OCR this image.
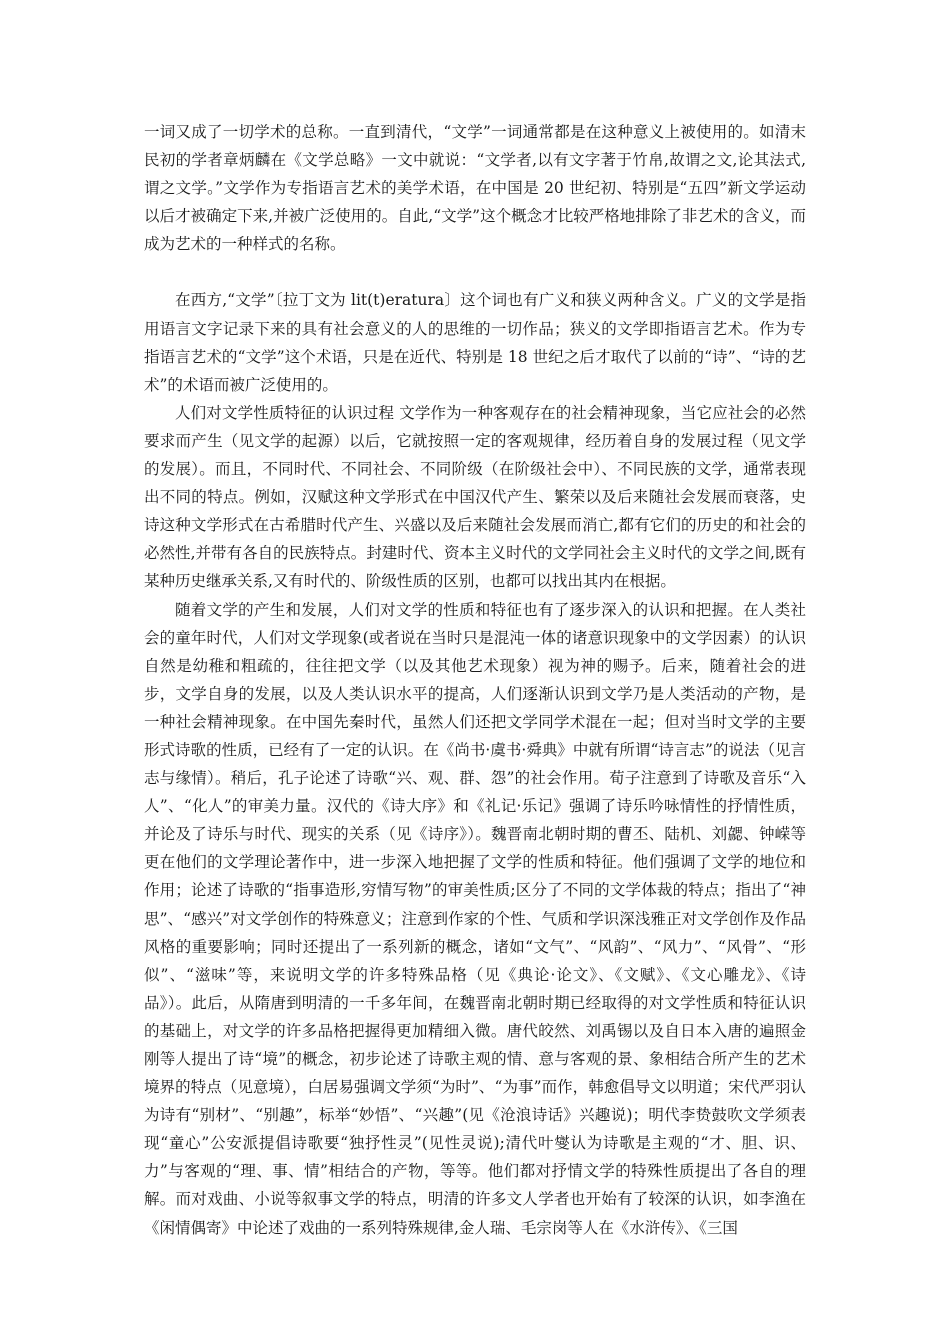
一词又成了一切学术的总称。一直到清代，“文学”一词通常都是在这种意义上被使用的。如清末民初的学者章炳麟在《文学总略》一文中就说：“文学者,以有文字著于竹帛,故谓之文,论其法式,谓之文学。”文学作为专指语言艺术的美学术语，在中国是 20 世纪初、特别是“五四”新文学运动以后才被确定下来,并被广泛使用的。自此,“文学”这个概念才比较严格地排除了非艺术的含义，而成为艺术的一种样式的名称。

在西方,“文学”〔拉丁文为 lit(t)eratura〕这个词也有广义和狭义两种含义。广义的文学是指用语言文字记录下来的具有社会意义的人的思维的一切作品；狭义的文学即指语言艺术。作为专指语言艺术的“文学”这个术语，只是在近代、特别是 18 世纪之后才取代了以前的“诗”、“诗的艺术”的术语而被广泛使用的。

人们对文学性质特征的认识过程 文学作为一种客观存在的社会精神现象，当它应社会的必然要求而产生（见文学的起源）以后，它就按照一定的客观规律，经历着自身的发展过程（见文学的发展）。而且，不同时代、不同社会、不同阶级（在阶级社会中）、不同民族的文学，通常表现出不同的特点。例如，汉赋这种文学形式在中国汉代产生、繁荣以及后来随社会发展而衰落，史诗这种文学形式在古希腊时代产生、兴盛以及后来随社会发展而消亡,都有它们的历史的和社会的必然性,并带有各自的民族特点。封建时代、资本主义时代的文学同社会主义时代的文学之间,既有某种历史继承关系,又有时代的、阶级性质的区别，也都可以找出其内在根据。

随着文学的产生和发展，人们对文学的性质和特征也有了逐步深入的认识和把握。在人类社会的童年时代，人们对文学现象(或者说在当时只是混沌一体的诸意识现象中的文学因素）的认识自然是幼稚和粗疏的，往往把文学（以及其他艺术现象）视为神的赐予。后来，随着社会的进步，文学自身的发展，以及人类认识水平的提高，人们逐渐认识到文学乃是人类活动的产物，是一种社会精神现象。在中国先秦时代，虽然人们还把文学同学术混在一起；但对当时文学的主要形式诗歌的性质，已经有了一定的认识。在《尚书·虞书·舜典》中就有所谓“诗言志”的说法（见言志与缘情）。稍后，孔子论述了诗歌“兴、观、群、怨”的社会作用。荀子注意到了诗歌及音乐“入人”、“化人”的审美力量。汉代的《诗大序》和《礼记·乐记》强调了诗乐吟咏情性的抒情性质，并论及了诗乐与时代、现实的关系（见《诗序》）。魏晋南北朝时期的曹丕、陆机、刘勰、钟嵘等更在他们的文学理论著作中，进一步深入地把握了文学的性质和特征。他们强调了文学的地位和作用；论述了诗歌的“指事造形,穷情写物”的审美性质;区分了不同的文学体裁的特点；指出了“神思”、“感兴”对文学创作的特殊意义；注意到作家的个性、气质和学识深浅雅正对文学创作及作品风格的重要影响；同时还提出了一系列新的概念，诸如“文气”、“风韵”、“风力”、“风骨”、“形似”、“滋味”等，来说明文学的许多特殊品格（见《典论·论文》、《文赋》、《文心雕龙》、《诗品》）。此后，从隋唐到明清的一千多年间，在魏晋南北朝时期已经取得的对文学性质和特征认识的基础上，对文学的许多品格把握得更加精细入微。唐代皎然、刘禹锡以及自日本入唐的遍照金刚等人提出了诗“境”的概念，初步论述了诗歌主观的情、意与客观的景、象相结合所产生的艺术境界的特点（见意境），白居易强调文学须“为时”、“为事”而作，韩愈倡导文以明道；宋代严羽认为诗有“别材”、“别趣”，标举“妙悟”、“兴趣”(见《沧浪诗话》兴趣说)；明代李贽鼓吹文学须表现“童心”公安派提倡诗歌要“独抒性灵”(见性灵说);清代叶燮认为诗歌是主观的“才、胆、识、力”与客观的“理、事、情”相结合的产物，等等。他们都对抒情文学的特殊性质提出了各自的理解。而对戏曲、小说等叙事文学的特点，明清的许多文人学者也开始有了较深的认识，如李渔在《闲情偶寄》中论述了戏曲的一系列特殊规律,金人瑞、毛宗岗等人在《水浒传》、《三国
